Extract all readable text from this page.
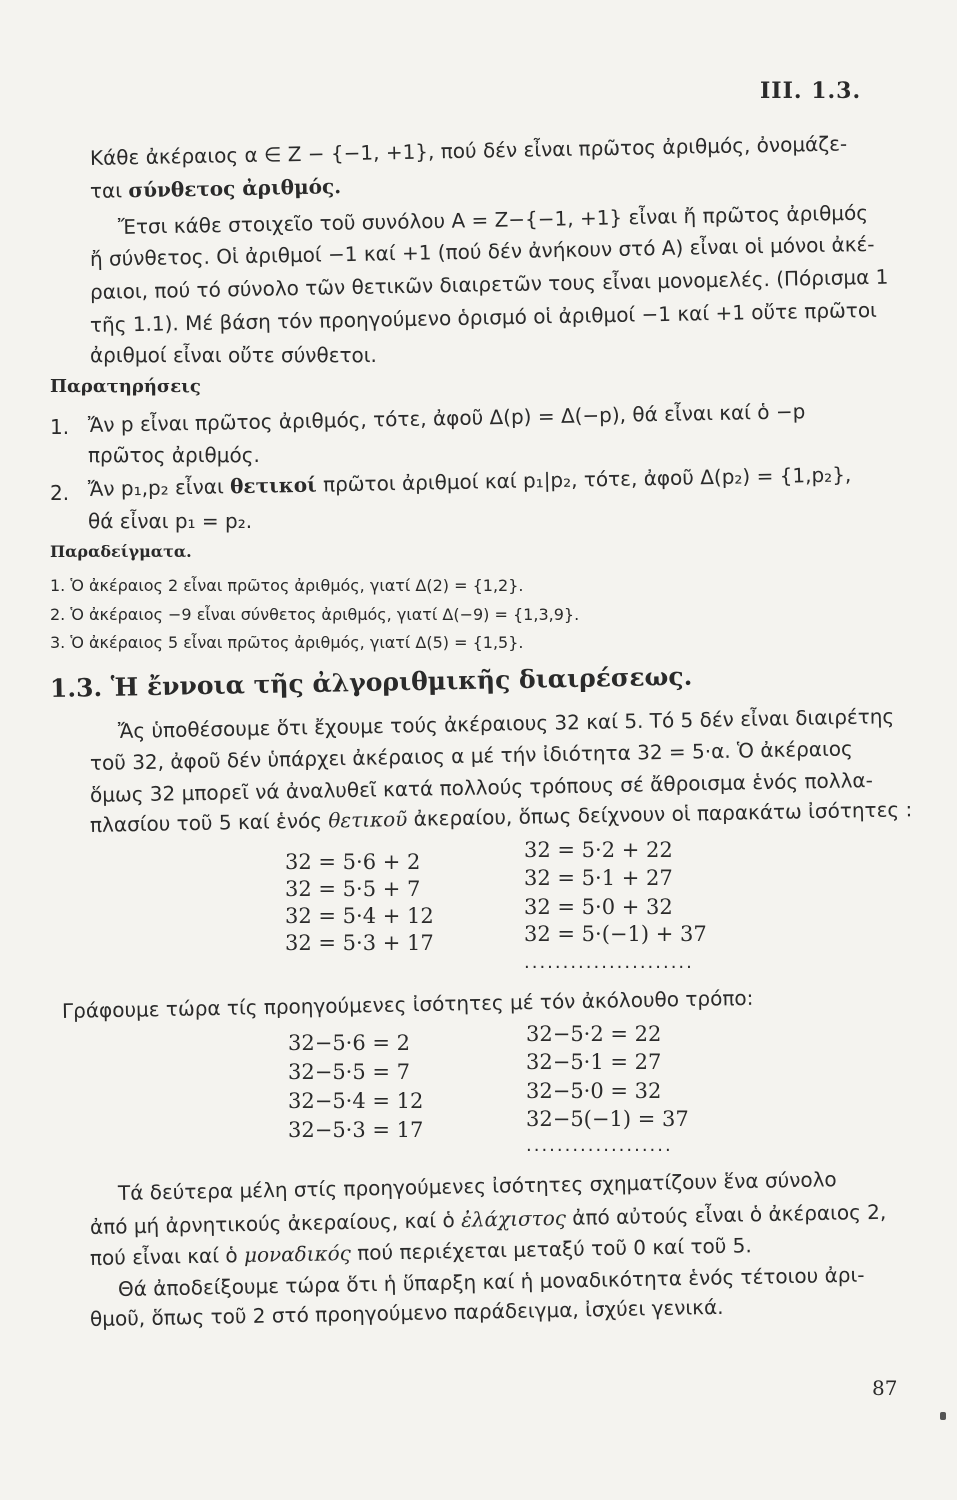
III. 1.3.
Κάθε ἀκέραιος α ∈ Z − {−1, +1}, πού δέν εἶναι πρῶτος ἀριθμός, ὀνομάζε-
ται σύνθετος ἀριθμός.
Ἔτσι κάθε στοιχεῖο τοῦ συνόλου A = Z−{−1, +1} εἶναι ἤ πρῶτος ἀριθμός
ἤ σύνθετος. Οἱ ἀριθμοί −1 καί +1 (πού δέν ἀνήκουν στό A) εἶναι οἱ μόνοι ἀκέ-
ραιοι, πού τό σύνολο τῶν θετικῶν διαιρετῶν τους εἶναι μονομελές. (Πόρισμα 1
τῆς 1.1). Μέ βάση τόν προηγούμενο ὁρισμό οἱ ἀριθμοί −1 καί +1 οὔτε πρῶτοι
ἀριθμοί εἶναι οὔτε σύνθετοι.
Παρατηρήσεις
1. Ἄν p εἶναι πρῶτος ἀριθμός, τότε, ἀφοῦ Δ(p) = Δ(−p), θά εἶναι καί ὁ −p
πρῶτος ἀριθμός.
2. Ἄν p₁,p₂ εἶναι θετικοί πρῶτοι ἀριθμοί καί p₁|p₂, τότε, ἀφοῦ Δ(p₂) = {1,p₂},
θά εἶναι p₁ = p₂.
Παραδείγματα.
1. Ὁ ἀκέραιος 2 εἶναι πρῶτος ἀριθμός, γιατί Δ(2) = {1,2}.
2. Ὁ ἀκέραιος −9 εἶναι σύνθετος ἀριθμός, γιατί Δ(−9) = {1,3,9}.
3. Ὁ ἀκέραιος 5 εἶναι πρῶτος ἀριθμός, γιατί Δ(5) = {1,5}.
1.3. Ἡ ἔννοια τῆς ἀλγοριθμικῆς διαιρέσεως.
Ἄς ὑποθέσουμε ὅτι ἔχουμε τούς ἀκέραιους 32 καί 5. Τό 5 δέν εἶναι διαιρέτης
τοῦ 32, ἀφοῦ δέν ὑπάρχει ἀκέραιος α μέ τήν ἰδιότητα 32 = 5·α. Ὁ ἀκέραιος
ὅμως 32 μπορεῖ νά ἀναλυθεῖ κατά πολλούς τρόπους σέ ἄθροισμα ἑνός πολλα-
πλασίου τοῦ 5 καί ἑνός θετικοῦ ἀκεραίου, ὅπως δείχνουν οἱ παρακάτω ἰσότητες :
32 = 5·6 + 2
32 = 5·5 + 7
32 = 5·4 + 12
32 = 5·3 + 17
32 = 5·2 + 22
32 = 5·1 + 27
32 = 5·0 + 32
32 = 5·(−1) + 37
......................
Γράφουμε τώρα τίς προηγούμενες ἰσότητες μέ τόν ἀκόλουθο τρόπο:
32−5·6 = 2
32−5·5 = 7
32−5·4 = 12
32−5·3 = 17
32−5·2 = 22
32−5·1 = 27
32−5·0 = 32
32−5(−1) = 37
...................
Τά δεύτερα μέλη στίς προηγούμενες ἰσότητες σχηματίζουν ἕνα σύνολο
ἀπό μή ἀρνητικούς ἀκεραίους, καί ὁ ἐλάχιστος ἀπό αὐτούς εἶναι ὁ ἀκέραιος 2,
πού εἶναι καί ὁ μοναδικός πού περιέχεται μεταξύ τοῦ 0 καί τοῦ 5.
Θά ἀποδείξουμε τώρα ὅτι ἡ ὕπαρξη καί ἡ μοναδικότητα ἑνός τέτοιου ἀρι-
θμοῦ, ὅπως τοῦ 2 στό προηγούμενο παράδειγμα, ἰσχύει γενικά.
87
